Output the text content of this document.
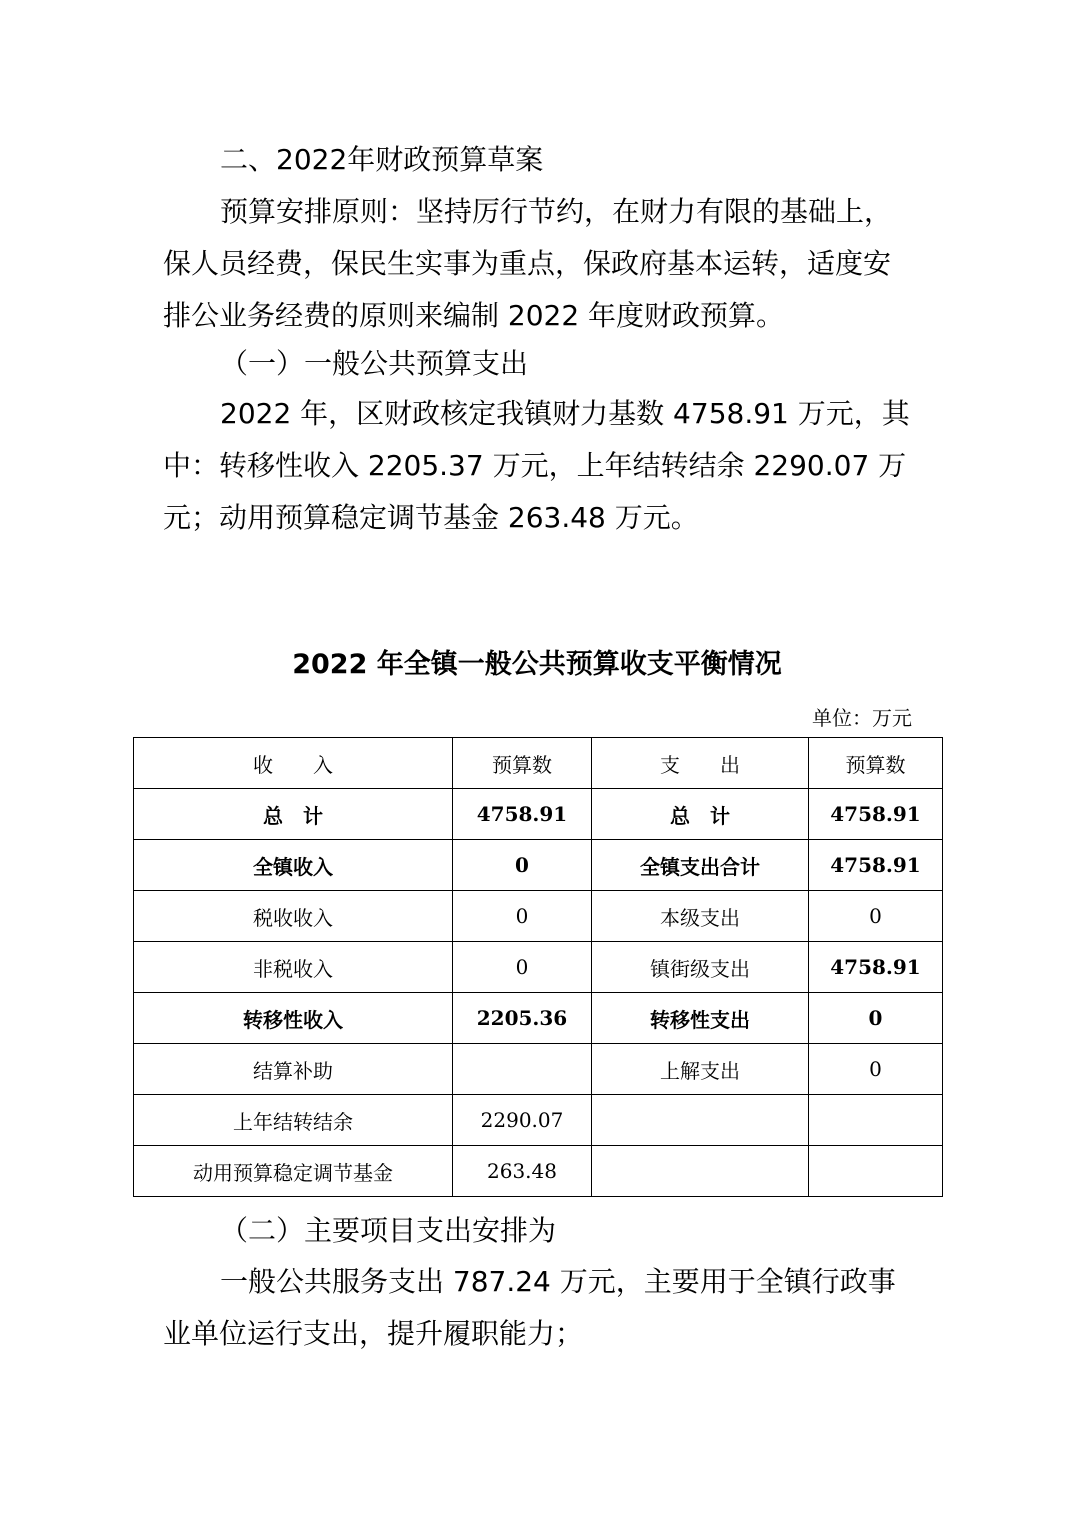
二、2022年财政预算草案
预算安排原则：坚持厉行节约，在财力有限的基础上，
保人员经费，保民生实事为重点，保政府基本运转，适度安
排公业务经费的原则来编制 2022 年度财政预算。
（一）一般公共预算支出
2022 年，区财政核定我镇财力基数 4758.91 万元，其
中：转移性收入 2205.37 万元，上年结转结余 2290.07 万
元；动用预算稳定调节基金 263.48 万元。
2022 年全镇一般公共预算收支平衡情况
单位：万元
收　　入	预算数	支　　出	预算数
总　计	4758.91	总　计	4758.91
全镇收入	0	全镇支出合计	4758.91
税收收入	0	本级支出	0
非税收入	0	镇街级支出	4758.91
转移性收入	2205.36	转移性支出	0
结算补助		上解支出	0
上年结转结余	2290.07		
动用预算稳定调节基金	263.48		
（二）主要项目支出安排为
一般公共服务支出 787.24 万元，主要用于全镇行政事
业单位运行支出，提升履职能力；
